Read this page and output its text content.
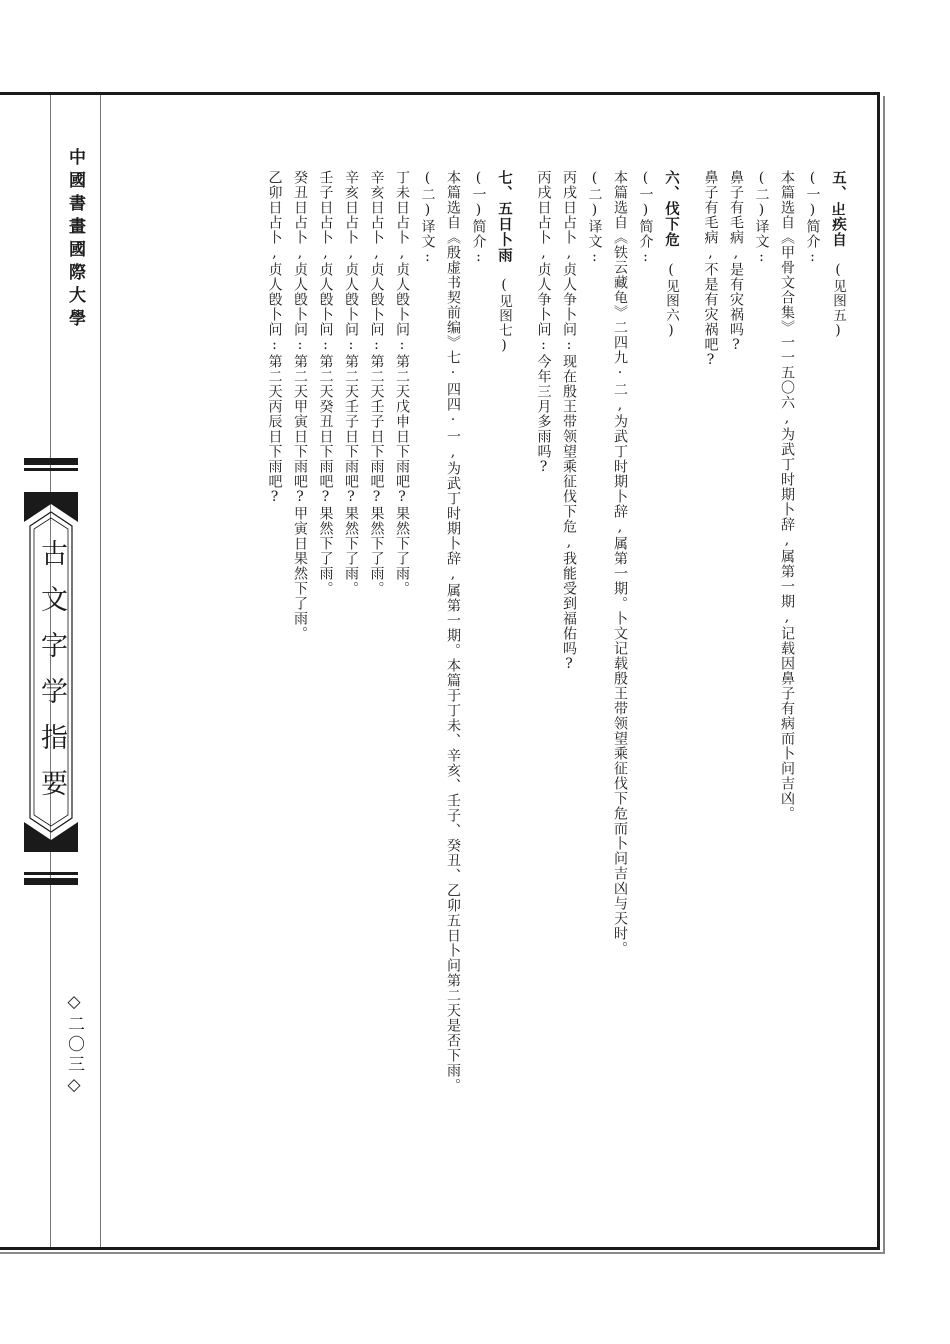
中國書畫國際大學
古文字学指要
◇二〇三◇

五、𡳿疾自(见图五)

(一)简介:

本篇选自《甲骨文合集》一一五〇六,为武丁时期卜辞,属第一期,记载因鼻子有病而卜问吉凶。

(二)译文:

鼻子有毛病,是有灾祸吗?

鼻子有毛病,不是有灾祸吧?

六、伐下危(见图六)

(一)简介:

本篇选自《铁云藏龟》二四九·二,为武丁时期卜辞,属第一期。卜文记载殷王带领望乘征伐下危而卜问吉凶与天时。

(二)译文:

丙戌日占卜,贞人争卜问:现在殷王带领望乘征伐下危,我能受到福佑吗?

丙戌日占卜,贞人争卜问:今年三月多雨吗?

七、五日卜雨(见图七)

(一)简介:

本篇选自《殷虚书契前编》七·四四·一,为武丁时期卜辞,属第一期。本篇于丁未、辛亥、壬子、癸丑、乙卯五日卜问第二天是否下雨。

(二)译文:

丁未日占卜,贞人𣪘卜问:第二天戊申日下雨吧?果然下了雨。

辛亥日占卜,贞人𣪘卜问:第二天壬子日下雨吧?果然下了雨。

辛亥日占卜,贞人𣪘卜问:第二天壬子日下雨吧?果然下了雨。

壬子日占卜,贞人𣪘卜问:第二天癸丑日下雨吧?果然下了雨。

癸丑日占卜,贞人𣪘卜问:第二天甲寅日下雨吧?甲寅日果然下了雨。

乙卯日占卜,贞人𣪘卜问:第二天丙辰日下雨吧?
